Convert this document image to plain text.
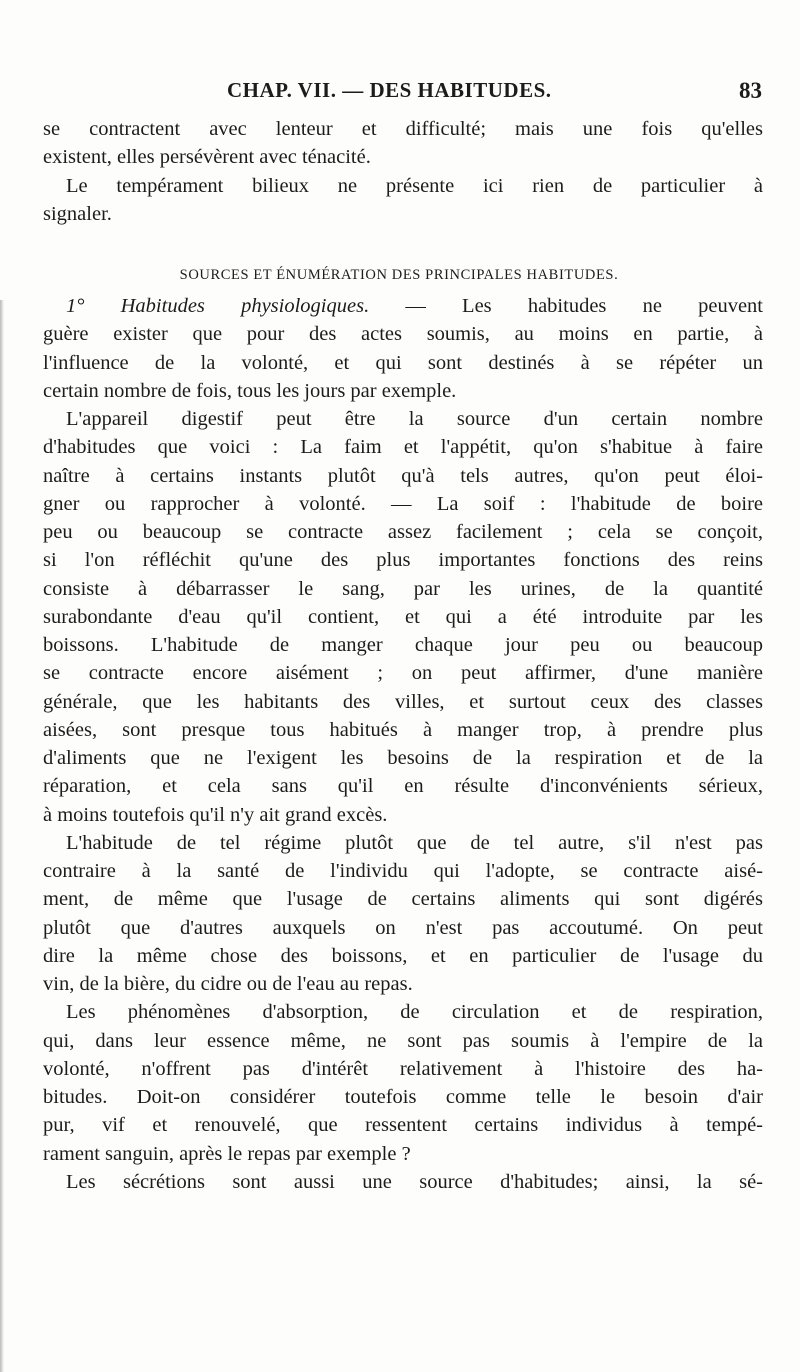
CHAP. VII. — DES HABITUDES.	83
se contractent avec lenteur et difficulté; mais une fois qu'elles
existent, elles persévèrent avec ténacité.
Le tempérament bilieux ne présente ici rien de particulier à
signaler.
SOURCES ET ÉNUMÉRATION DES PRINCIPALES HABITUDES.
1° Habitudes physiologiques. — Les habitudes ne peuvent
guère exister que pour des actes soumis, au moins en partie, à
l'influence de la volonté, et qui sont destinés à se répéter un
certain nombre de fois, tous les jours par exemple.
L'appareil digestif peut être la source d'un certain nombre
d'habitudes que voici : La faim et l'appétit, qu'on s'habitue à faire
naître à certains instants plutôt qu'à tels autres, qu'on peut éloi-
gner ou rapprocher à volonté. — La soif : l'habitude de boire
peu ou beaucoup se contracte assez facilement ; cela se conçoit,
si l'on réfléchit qu'une des plus importantes fonctions des reins
consiste à débarrasser le sang, par les urines, de la quantité
surabondante d'eau qu'il contient, et qui a été introduite par les
boissons. L'habitude de manger chaque jour peu ou beaucoup
se contracte encore aisément ; on peut affirmer, d'une manière
générale, que les habitants des villes, et surtout ceux des classes
aisées, sont presque tous habitués à manger trop, à prendre plus
d'aliments que ne l'exigent les besoins de la respiration et de la
réparation, et cela sans qu'il en résulte d'inconvénients sérieux,
à moins toutefois qu'il n'y ait grand excès.
L'habitude de tel régime plutôt que de tel autre, s'il n'est pas
contraire à la santé de l'individu qui l'adopte, se contracte aisé-
ment, de même que l'usage de certains aliments qui sont digérés
plutôt que d'autres auxquels on n'est pas accoutumé. On peut
dire la même chose des boissons, et en particulier de l'usage du
vin, de la bière, du cidre ou de l'eau au repas.
Les phénomènes d'absorption, de circulation et de respiration,
qui, dans leur essence même, ne sont pas soumis à l'empire de la
volonté, n'offrent pas d'intérêt relativement à l'histoire des ha-
bitudes. Doit-on considérer toutefois comme telle le besoin d'air
pur, vif et renouvelé, que ressentent certains individus à tempé-
rament sanguin, après le repas par exemple ?
Les sécrétions sont aussi une source d'habitudes; ainsi, la sé-
